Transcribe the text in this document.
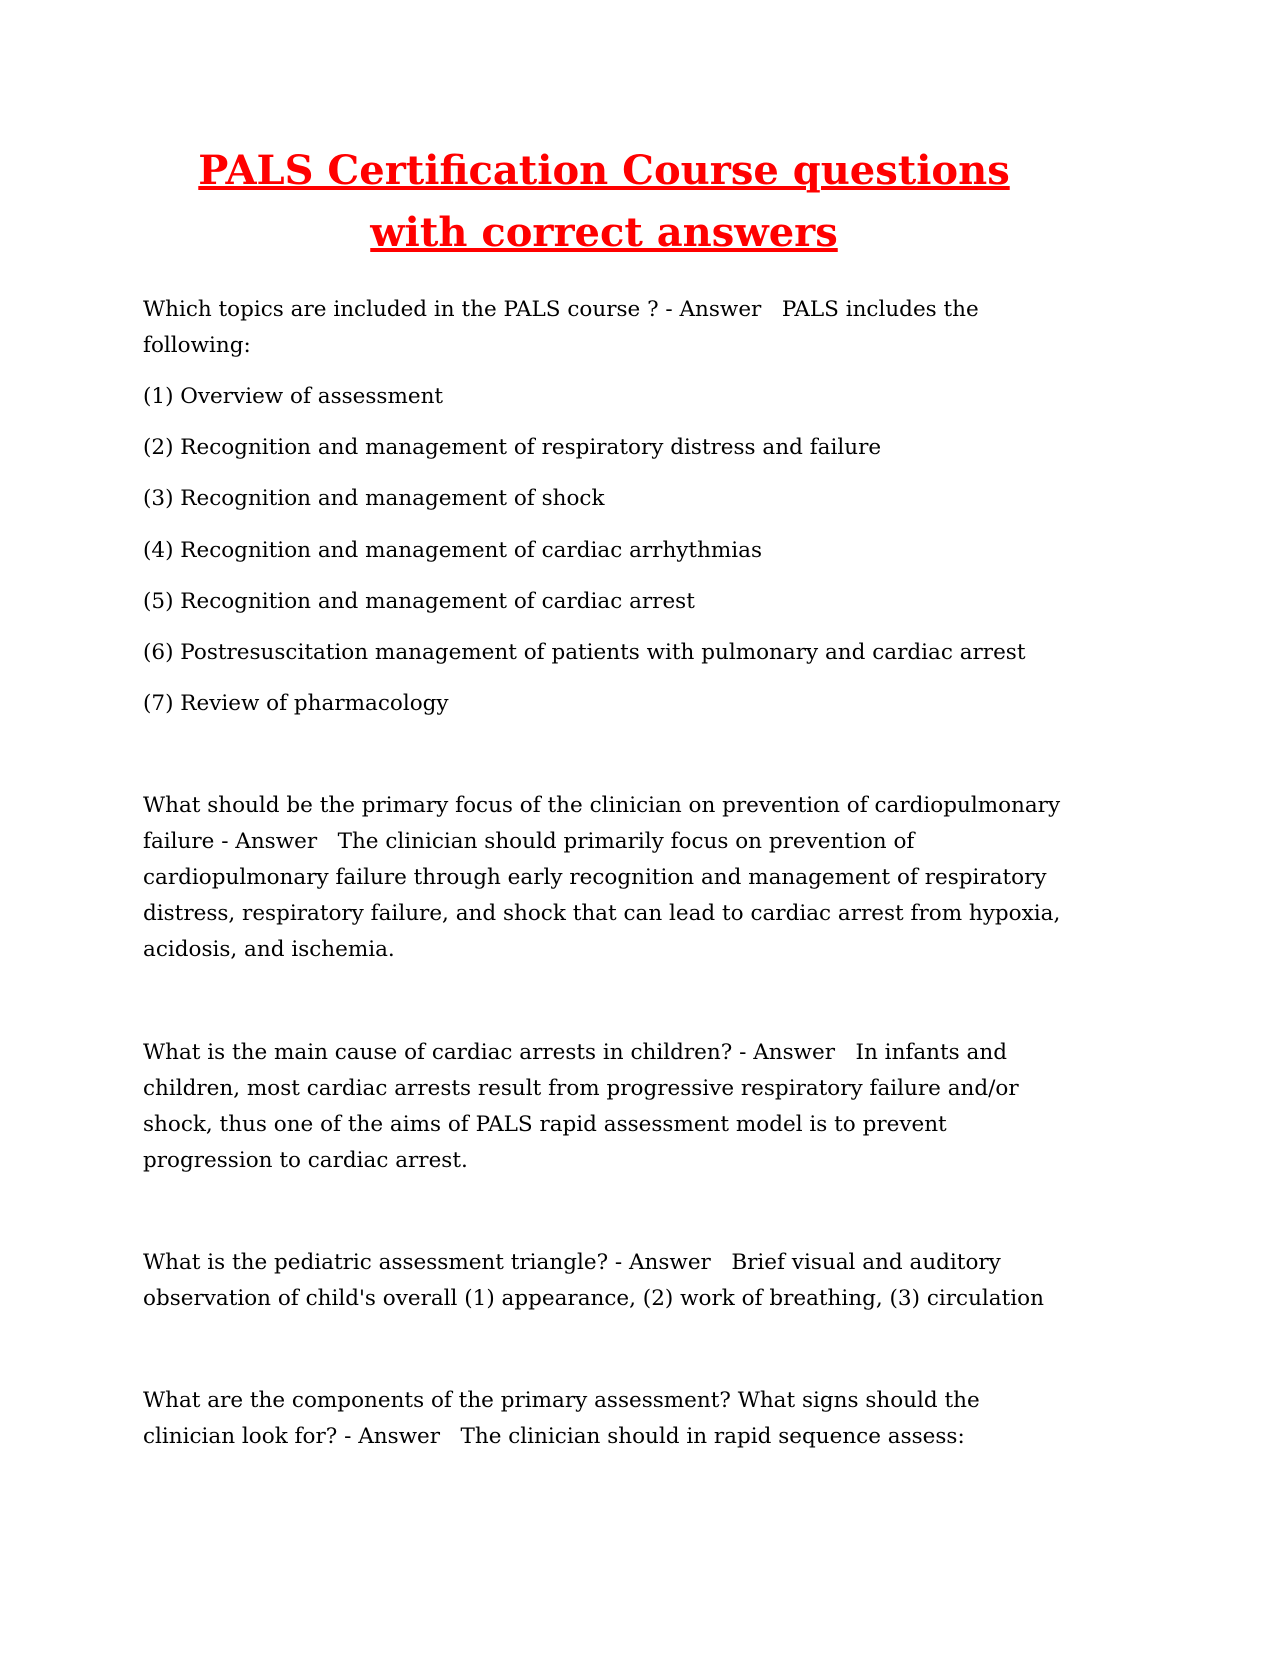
PALS Certification Course questions with correct answers

Which topics are included in the PALS course ? - Answer   PALS includes the following:

(1) Overview of assessment

(2) Recognition and management of respiratory distress and failure

(3) Recognition and management of shock

(4) Recognition and management of cardiac arrhythmias

(5) Recognition and management of cardiac arrest

(6) Postresuscitation management of patients with pulmonary and cardiac arrest

(7) Review of pharmacology

What should be the primary focus of the clinician on prevention of cardiopulmonary failure - Answer   The clinician should primarily focus on prevention of cardiopulmonary failure through early recognition and management of respiratory distress, respiratory failure, and shock that can lead to cardiac arrest from hypoxia, acidosis, and ischemia.

What is the main cause of cardiac arrests in children? - Answer   In infants and children, most cardiac arrests result from progressive respiratory failure and/or shock, thus one of the aims of PALS rapid assessment model is to prevent progression to cardiac arrest.

What is the pediatric assessment triangle? - Answer   Brief visual and auditory observation of child's overall (1) appearance, (2) work of breathing, (3) circulation

What are the components of the primary assessment? What signs should the clinician look for? - Answer   The clinician should in rapid sequence assess:
